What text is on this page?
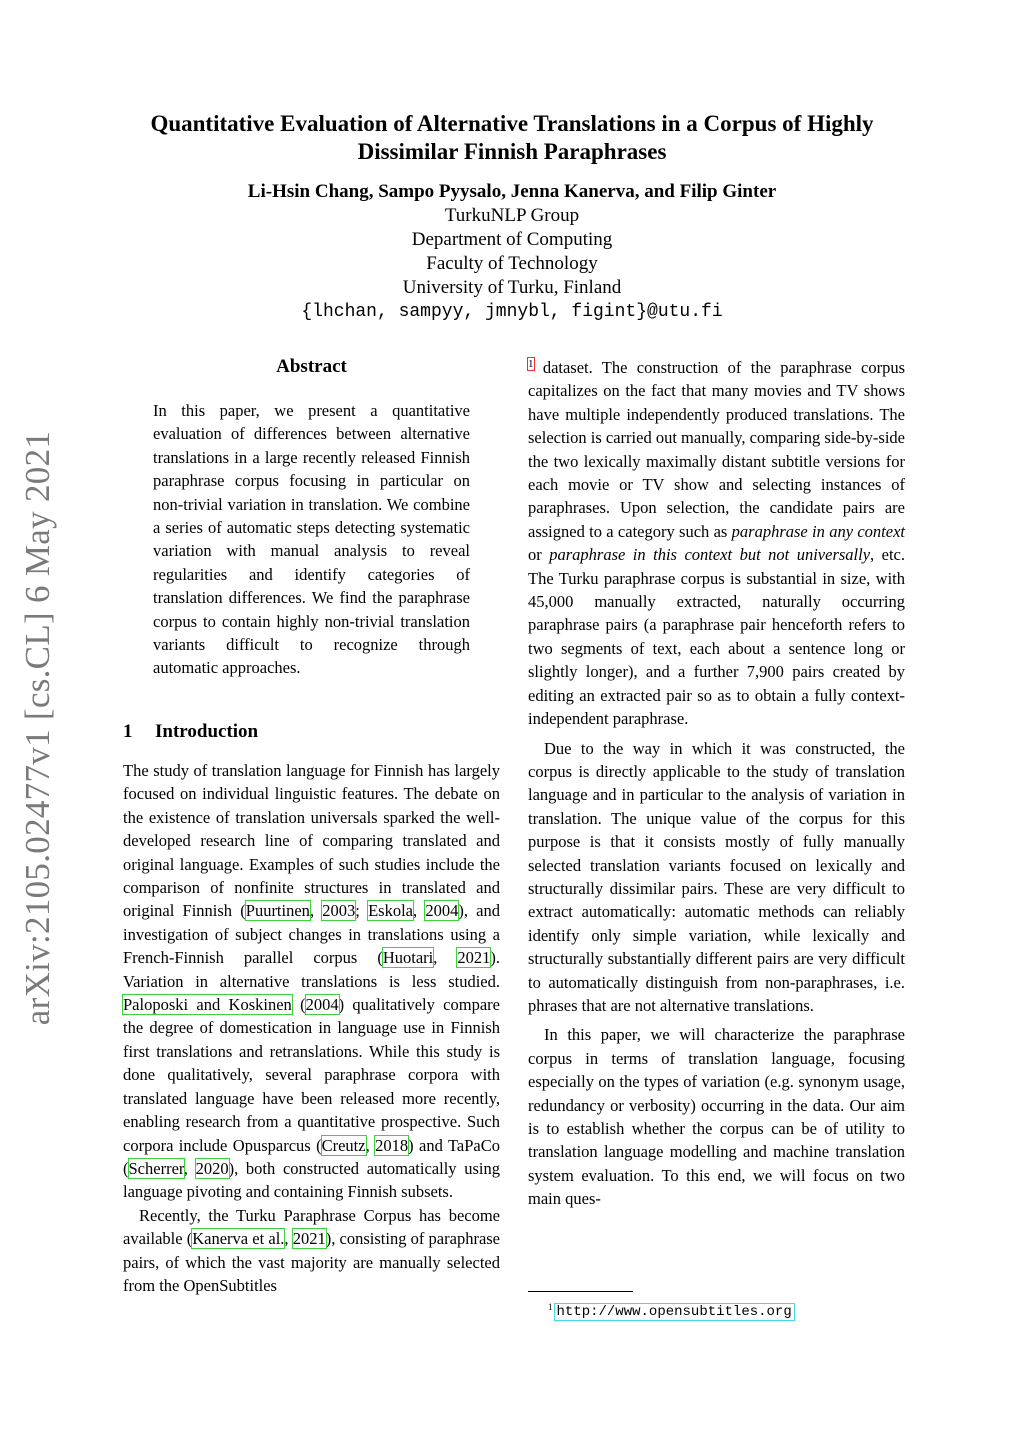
arXiv:2105.02477v1 [cs.CL] 6 May 2021
Quantitative Evaluation of Alternative Translations in a Corpus of Highly
Dissimilar Finnish Paraphrases
Li-Hsin Chang, Sampo Pyysalo, Jenna Kanerva, and Filip Ginter
TurkuNLP Group
Department of Computing
Faculty of Technology
University of Turku, Finland
{lhchan, sampyy, jmnybl, figint}@utu.fi
Abstract

In this paper, we present a quantitative evaluation of differences between alternative translations in a large recently released Finnish paraphrase corpus focusing in particular on non-trivial variation in translation. We combine a series of automatic steps detecting systematic variation with manual analysis to reveal regularities and identify categories of translation differences. We find the paraphrase corpus to contain highly non-trivial translation variants difficult to recognize through automatic approaches.

1 Introduction

The study of translation language for Finnish has largely focused on individual linguistic features. The debate on the existence of translation universals sparked the well-developed research line of comparing translated and original language. Examples of such studies include the comparison of nonfinite structures in translated and original Finnish (Puurtinen, 2003; Eskola, 2004), and investigation of subject changes in translations using a French-Finnish parallel corpus (Huotari, 2021). Variation in alternative translations is less studied. Paloposki and Koskinen (2004) qualitatively compare the degree of domestication in language use in Finnish first translations and retranslations. While this study is done qualitatively, several paraphrase corpora with translated language have been released more recently, enabling research from a quantitative prospective. Such corpora include Opusparcus (Creutz, 2018) and TaPaCo (Scherrer, 2020), both constructed automatically using language pivoting and containing Finnish subsets.

Recently, the Turku Paraphrase Corpus has become available (Kanerva et al., 2021), consisting of paraphrase pairs, of which the vast majority are manually selected from the OpenSubtitles

$^1$ dataset. The construction of the paraphrase corpus capitalizes on the fact that many movies and TV shows have multiple independently produced translations. The selection is carried out manually, comparing side-by-side the two lexically maximally distant subtitle versions for each movie or TV show and selecting instances of paraphrases. Upon selection, the candidate pairs are assigned to a category such as paraphrase in any context or paraphrase in this context but not universally, etc. The Turku paraphrase corpus is substantial in size, with 45,000 manually extracted, naturally occurring paraphrase pairs (a paraphrase pair henceforth refers to two segments of text, each about a sentence long or slightly longer), and a further 7,900 pairs created by editing an extracted pair so as to obtain a fully context-independent paraphrase.

Due to the way in which it was constructed, the corpus is directly applicable to the study of translation language and in particular to the analysis of variation in translation. The unique value of the corpus for this purpose is that it consists mostly of fully manually selected translation variants focused on lexically and structurally dissimilar pairs. These are very difficult to extract automatically: automatic methods can reliably identify only simple variation, while lexically and structurally substantially different pairs are very difficult to automatically distinguish from non-paraphrases, i.e. phrases that are not alternative translations.

In this paper, we will characterize the paraphrase corpus in terms of translation language, focusing especially on the types of variation (e.g. synonym usage, redundancy or verbosity) occurring in the data. Our aim is to establish whether the corpus can be of utility to translation language modelling and machine translation system evaluation. To this end, we will focus on two main ques-

$^1$ http://www.opensubtitles.org
